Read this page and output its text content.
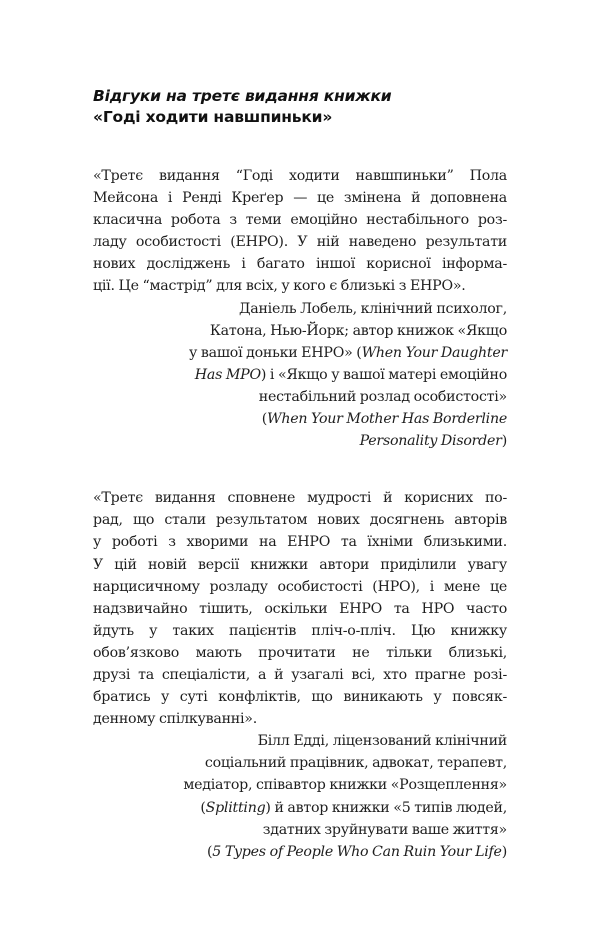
Відгуки на третє видання книжки
«Годі ходити навшпиньки»

«Третє видання “Годі ходити навшпиньки” Пола
Мейсона і Ренді Креґер — це змінена й доповнена
класична робота з теми емоційно нестабільного роз-
ладу особистості (ЕНРО). У ній наведено результати
нових досліджень і багато іншої корисної інформа-
ції. Це “мастрід” для всіх, у кого є близькі з ЕНРО».

Даніель Лобель, клінічний психолог,
Катона, Нью-Йорк; автор книжок «Якщо
у вашої доньки ЕНРО» (When Your Daughter
Has MPO) і «Якщо у вашої матері емоційно
нестабільний розлад особистості»
(When Your Mother Has Borderline
Personality Disorder)

«Третє видання сповнене мудрості й корисних по-
рад, що стали результатом нових досягнень авторів
у роботі з хворими на ЕНРО та їхніми близькими.
У цій новій версії книжки автори приділили увагу
нарцисичному розладу особистості (НРО), і мене це
надзвичайно тішить, оскільки ЕНРО та НРО часто
йдуть у таких пацієнтів пліч-о-пліч. Цю книжку
обов’язково мають прочитати не тільки близькі,
друзі та спеціалісти, а й узагалі всі, хто прагне розі-
братись у суті конфліктів, що виникають у повсяк-
денному спілкуванні».

Білл Едді, ліцензований клінічний
соціальний працівник, адвокат, терапевт,
медіатор, співавтор книжки «Розщеплення»
(Splitting) й автор книжки «5 типів людей,
здатних зруйнувати ваше життя»
(5 Types of People Who Can Ruin Your Life)
